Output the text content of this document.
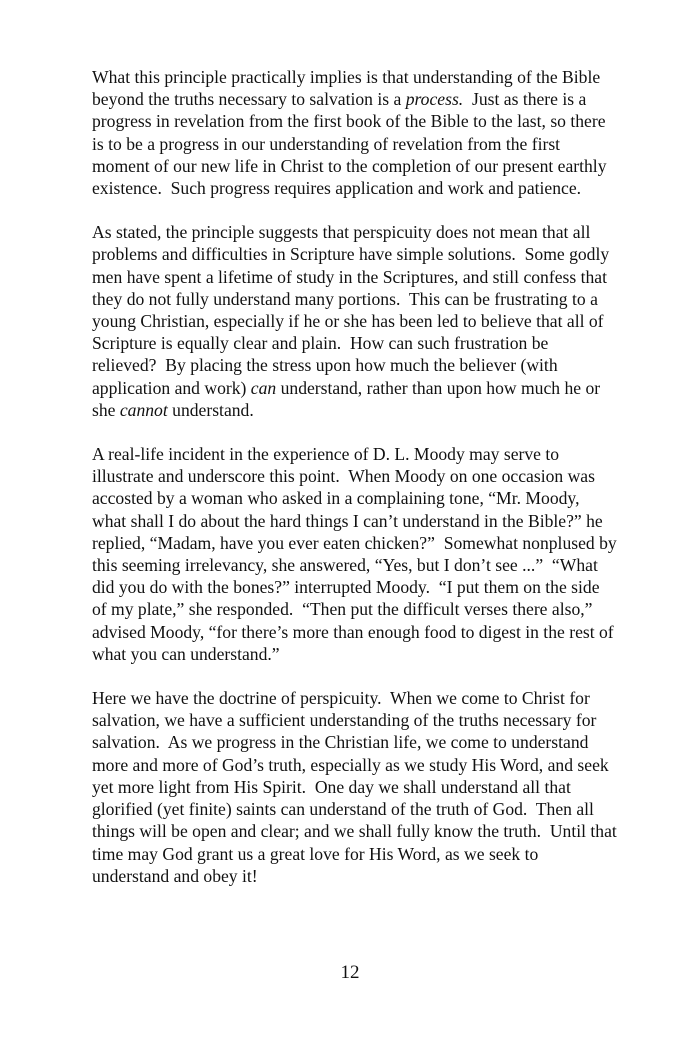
What this principle practically implies is that understanding of the Bible
beyond the truths necessary to salvation is a process.  Just as there is a
progress in revelation from the first book of the Bible to the last, so there
is to be a progress in our understanding of revelation from the first
moment of our new life in Christ to the completion of our present earthly
existence.  Such progress requires application and work and patience.

As stated, the principle suggests that perspicuity does not mean that all
problems and difficulties in Scripture have simple solutions.  Some godly
men have spent a lifetime of study in the Scriptures, and still confess that
they do not fully understand many portions.  This can be frustrating to a
young Christian, especially if he or she has been led to believe that all of
Scripture is equally clear and plain.  How can such frustration be
relieved?  By placing the stress upon how much the believer (with
application and work) can understand, rather than upon how much he or
she cannot understand.

A real-life incident in the experience of D. L. Moody may serve to
illustrate and underscore this point.  When Moody on one occasion was
accosted by a woman who asked in a complaining tone, “Mr. Moody,
what shall I do about the hard things I can’t understand in the Bible?” he
replied, “Madam, have you ever eaten chicken?”  Somewhat nonplused by
this seeming irrelevancy, she answered, “Yes, but I don’t see ...”  “What
did you do with the bones?” interrupted Moody.  “I put them on the side
of my plate,” she responded.  “Then put the difficult verses there also,”
advised Moody, “for there’s more than enough food to digest in the rest of
what you can understand.”

Here we have the doctrine of perspicuity.  When we come to Christ for
salvation, we have a sufficient understanding of the truths necessary for
salvation.  As we progress in the Christian life, we come to understand
more and more of God’s truth, especially as we study His Word, and seek
yet more light from His Spirit.  One day we shall understand all that
glorified (yet finite) saints can understand of the truth of God.  Then all
things will be open and clear; and we shall fully know the truth.  Until that
time may God grant us a great love for His Word, as we seek to
understand and obey it!

12
